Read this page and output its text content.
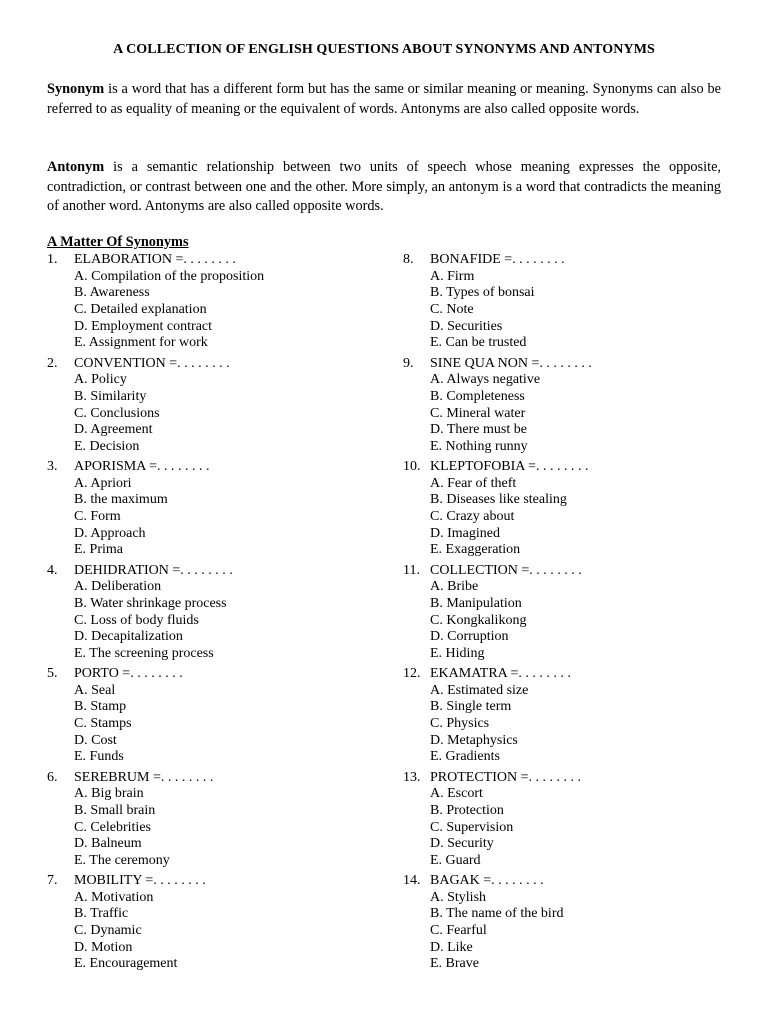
A COLLECTION OF ENGLISH QUESTIONS ABOUT SYNONYMS AND ANTONYMS
Synonym is a word that has a different form but has the same or similar meaning or meaning. Synonyms can also be referred to as equality of meaning or the equivalent of words. Antonyms are also called opposite words.
Antonym is a semantic relationship between two units of speech whose meaning expresses the opposite, contradiction, or contrast between one and the other. More simply, an antonym is a word that contradicts the meaning of another word. Antonyms are also called opposite words.
A Matter Of Synonyms
1. ELABORATION =. . . . . . . .
A. Compilation of the proposition
B. Awareness
C. Detailed explanation
D. Employment contract
E. Assignment for work
2. CONVENTION =. . . . . . . .
A. Policy
B. Similarity
C. Conclusions
D. Agreement
E. Decision
3. APORISMA =. . . . . . . .
A. Apriori
B. the maximum
C. Form
D. Approach
E. Prima
4. DEHIDRATION =. . . . . . . .
A. Deliberation
B. Water shrinkage process
C. Loss of body fluids
D. Decapitalization
E. The screening process
5. PORTO =. . . . . . . .
A. Seal
B. Stamp
C. Stamps
D. Cost
E. Funds
6. SEREBRUM =. . . . . . . .
A. Big brain
B. Small brain
C. Celebrities
D. Balneum
E. The ceremony
7. MOBILITY =. . . . . . . .
A. Motivation
B. Traffic
C. Dynamic
D. Motion
E. Encouragement
8. BONAFIDE =. . . . . . . .
A. Firm
B. Types of bonsai
C. Note
D. Securities
E. Can be trusted
9. SINE QUA NON =. . . . . . . .
A. Always negative
B. Completeness
C. Mineral water
D. There must be
E. Nothing runny
10. KLEPTOFOBIA =. . . . . . . .
A. Fear of theft
B. Diseases like stealing
C. Crazy about
D. Imagined
E. Exaggeration
11. COLLECTION =. . . . . . . .
A. Bribe
B. Manipulation
C. Kongkalikong
D. Corruption
E. Hiding
12. EKAMATRA =. . . . . . . .
A. Estimated size
B. Single term
C. Physics
D. Metaphysics
E. Gradients
13. PROTECTION =. . . . . . . .
A. Escort
B. Protection
C. Supervision
D. Security
E. Guard
14. BAGAK =. . . . . . . .
A. Stylish
B. The name of the bird
C. Fearful
D. Like
E. Brave
